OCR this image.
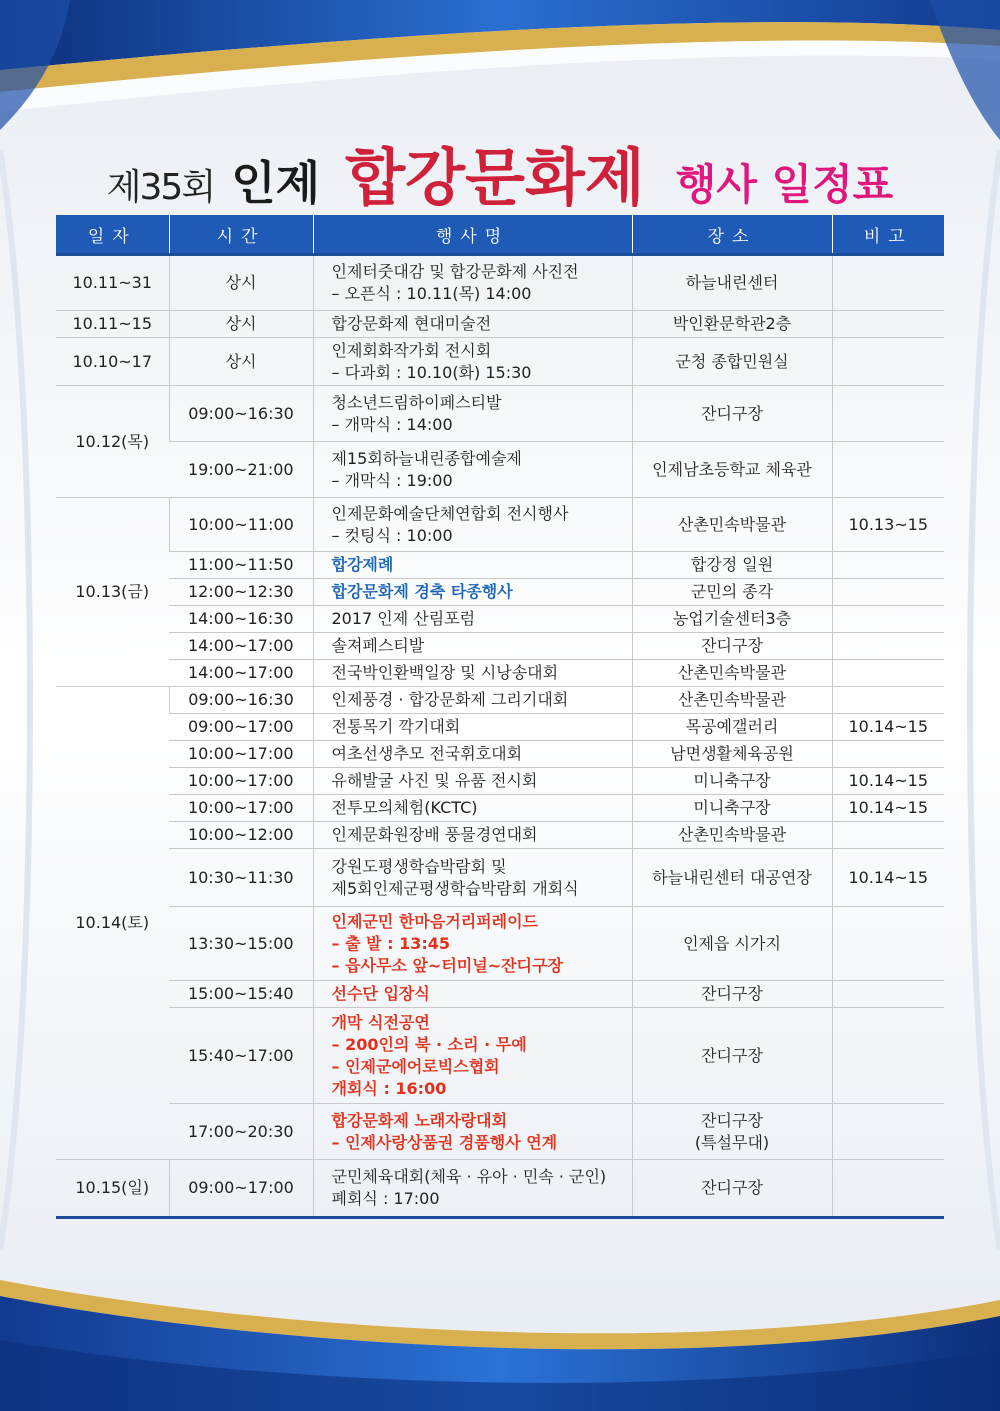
제35회 인제 합강문화제 행사 일정표
일자	시간	행사명	장소	비고
10.11~31	상시	인제터줏대감 및 합강문화제 사진전
– 오픈식 : 10.11(목) 14:00	하늘내린센터	

10.11~15	상시	합강문화제 현대미술전	박인환문학관2층	

10.10~17	상시	인제회화작가회 전시회
– 다과회 : 10.10(화) 15:30	군청 종합민원실	

10.12(목)	09:00~16:30	청소년드림하이페스티발
– 개막식 : 14:00	잔디구장	

	19:00~21:00	제15회하늘내린종합예술제
– 개막식 : 19:00	인제남초등학교 체육관	

10.13(금)	10:00~11:00	인제문화예술단체연합회 전시행사
– 컷팅식 : 10:00	산촌민속박물관	10.13~15
	11:00~11:50	합강제례	합강정 일원	

	12:00~12:30	합강문화제 경축 타종행사	군민의 종각	

	14:00~16:30	2017 인제 산림포럼	농업기술센터3층	

	14:00~17:00	솔져페스티발	잔디구장	

	14:00~17:00	전국박인환백일장 및 시낭송대회	산촌민속박물관	

10.14(토)	09:00~16:30	인제풍경 · 합강문화제 그리기대회	산촌민속박물관	

	09:00~17:00	전통목기 깍기대회	목공예갤러리	10.14~15
	10:00~17:00	여초선생추모 전국휘호대회	남면생활체육공원	

	10:00~17:00	유해발굴 사진 및 유품 전시회	미니축구장	10.14~15
	10:00~17:00	전투모의체험(KCTC)	미니축구장	10.14~15
	10:00~12:00	인제문화원장배 풍물경연대회	산촌민속박물관	

	10:30~11:30	강원도평생학습박람회 및
제5회인제군평생학습박람회 개회식	하늘내린센터 대공연장	10.14~15
	13:30~15:00	인제군민 한마음거리퍼레이드
– 출 발 : 13:45
– 읍사무소 앞~터미널~잔디구장	인제읍 시가지	

	15:00~15:40	선수단 입장식	잔디구장	

	15:40~17:00	개막 식전공연
– 200인의 북 · 소리 · 무예
– 인제군에어로빅스협회
개회식 : 16:00	잔디구장	

	17:00~20:30	합강문화제 노래자랑대회
– 인제사랑상품권 경품행사 연계	잔디구장
(특설무대)	

10.15(일)	09:00~17:00	군민체육대회(체육 · 유아 · 민속 · 군인)
폐회식 : 17:00	잔디구장	
